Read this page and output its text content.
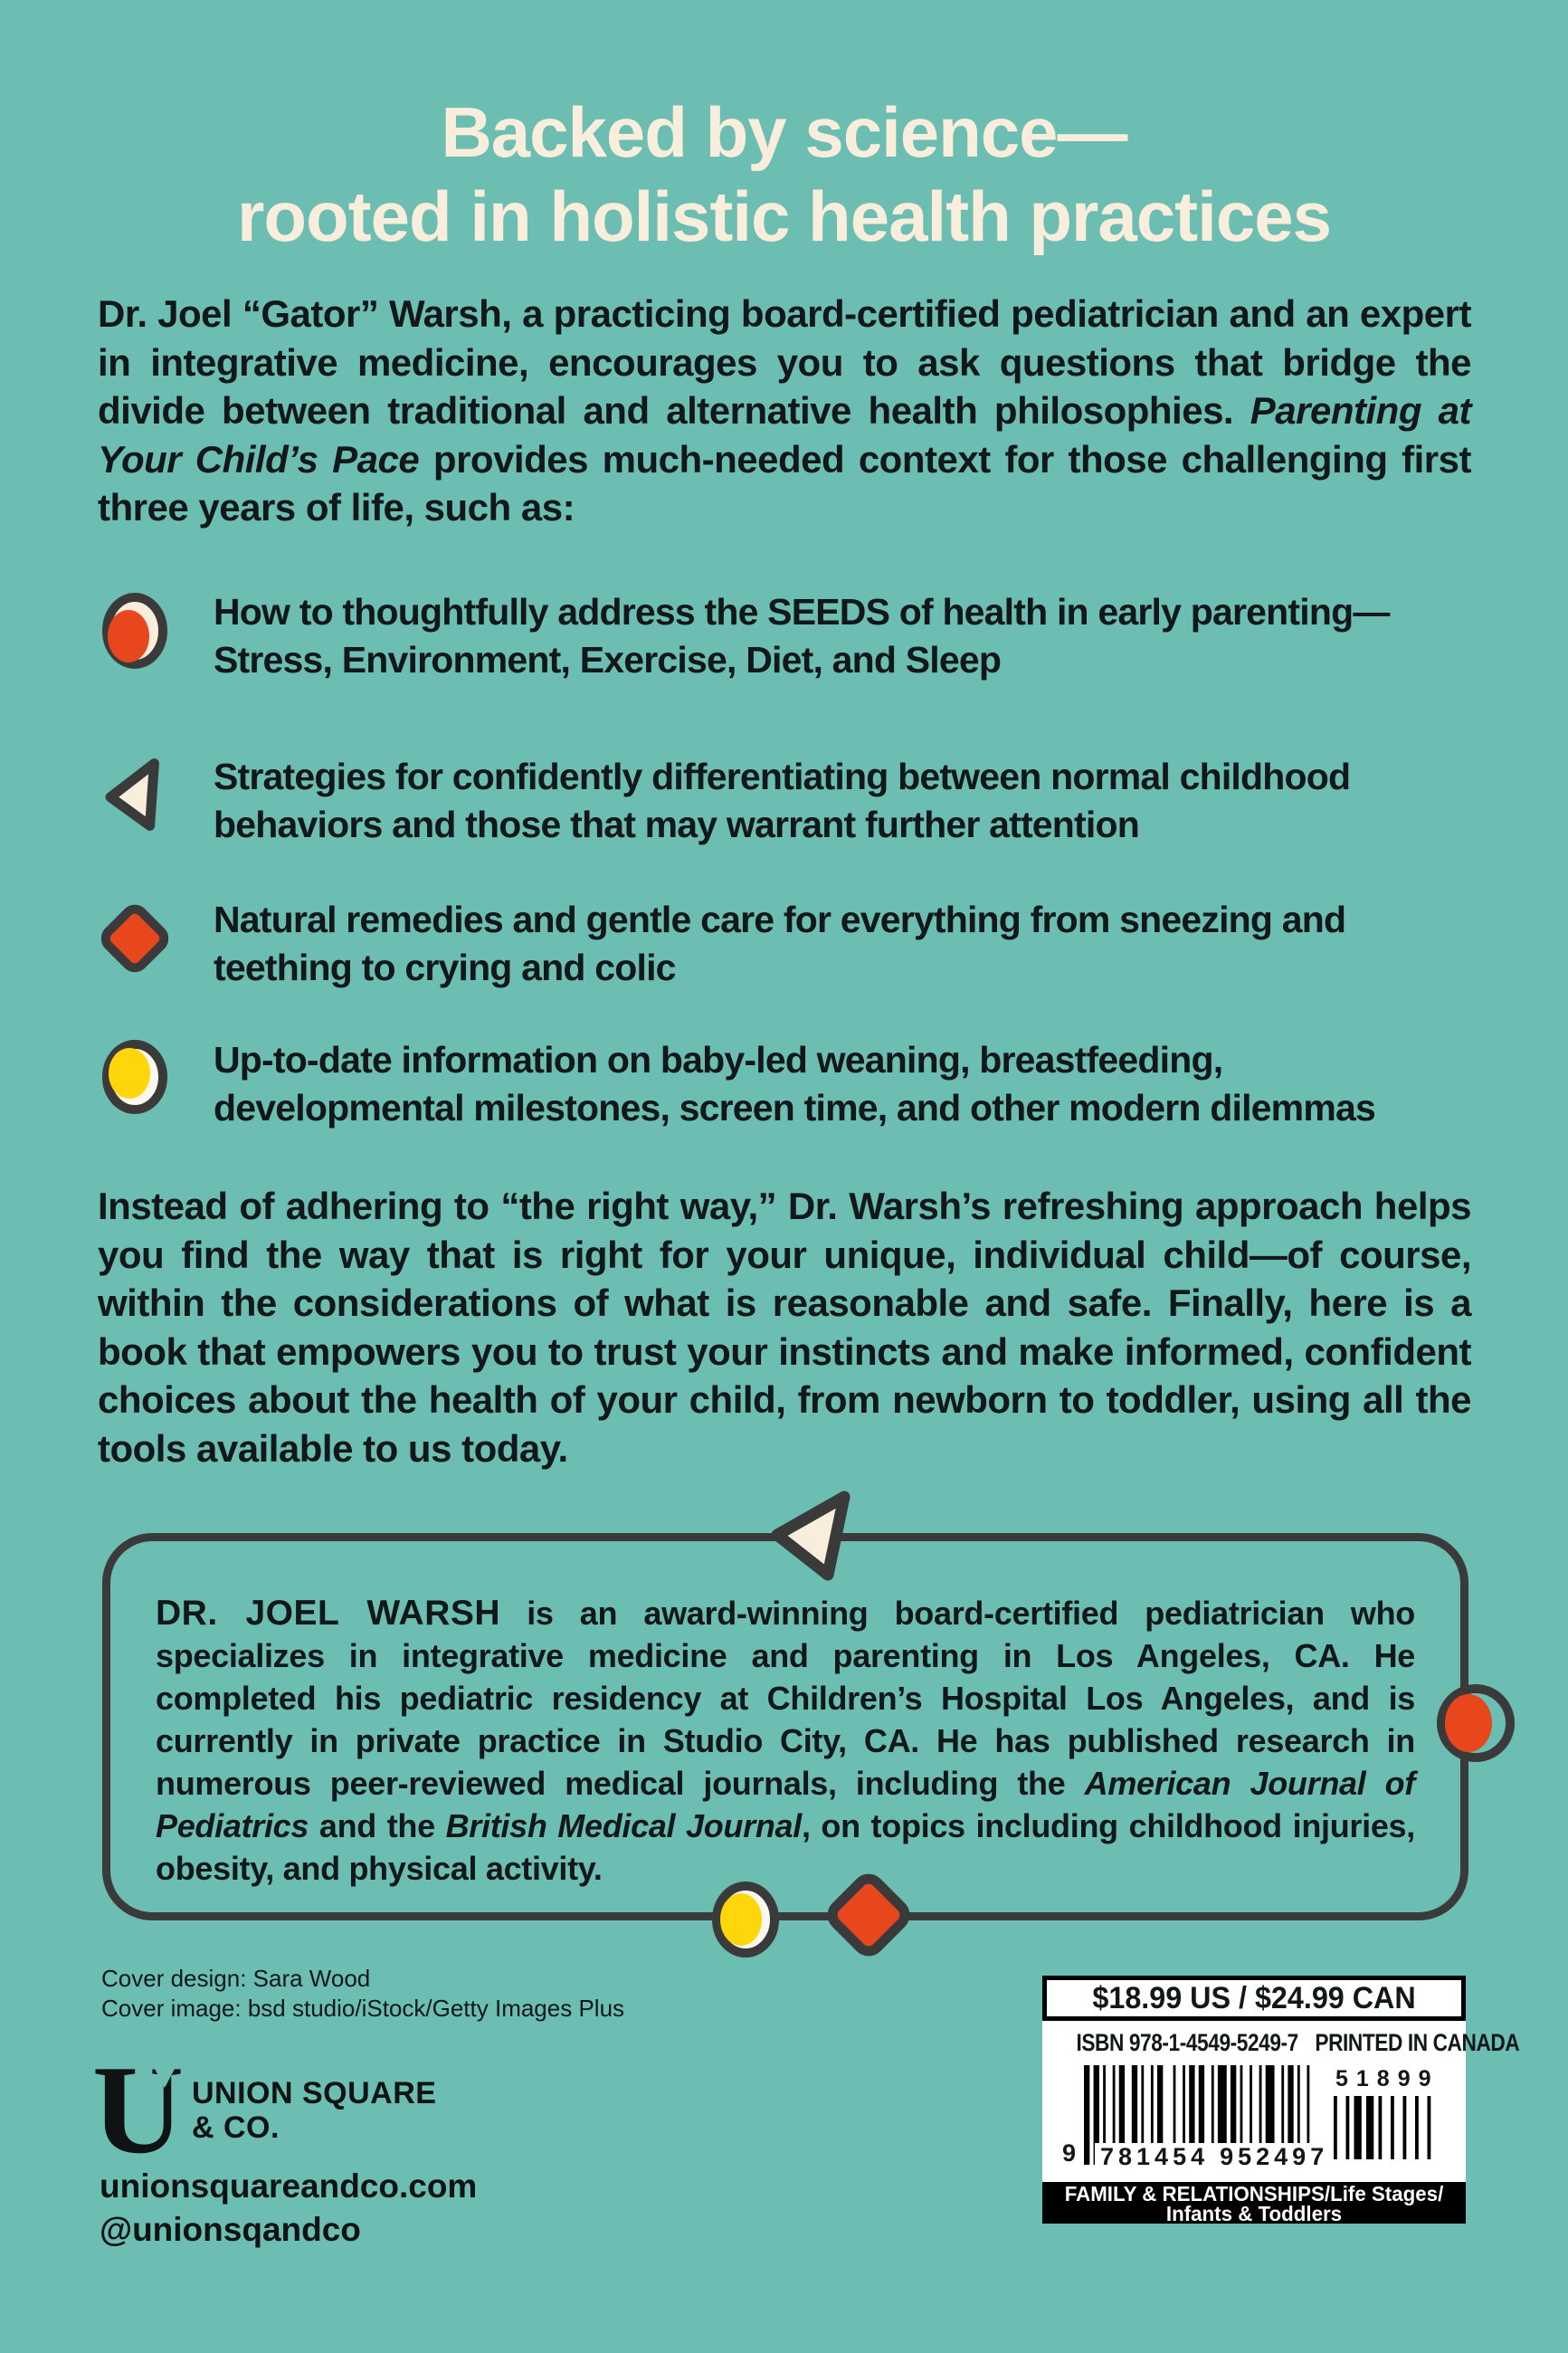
Backed by science—
rooted in holistic health practices

Dr. Joel “Gator” Warsh, a practicing board-certified pediatrician and an expert in integrative medicine, encourages you to ask questions that bridge the divide between traditional and alternative health philosophies. Parenting at Your Child’s Pace provides much-needed context for those challenging first three years of life, such as:

How to thoughtfully address the SEEDS of health in early parenting—Stress, Environment, Exercise, Diet, and Sleep

Strategies for confidently differentiating between normal childhood behaviors and those that may warrant further attention

Natural remedies and gentle care for everything from sneezing and teething to crying and colic

Up-to-date information on baby-led weaning, breastfeeding, developmental milestones, screen time, and other modern dilemmas

Instead of adhering to “the right way,” Dr. Warsh’s refreshing approach helps you find the way that is right for your unique, individual child—of course, within the considerations of what is reasonable and safe. Finally, here is a book that empowers you to trust your instincts and make informed, confident choices about the health of your child, from newborn to toddler, using all the tools available to us today.

DR. JOEL WARSH is an award-winning board-certified pediatrician who specializes in integrative medicine and parenting in Los Angeles, CA. He completed his pediatric residency at Children’s Hospital Los Angeles, and is currently in private practice in Studio City, CA. He has published research in numerous peer-reviewed medical journals, including the American Journal of Pediatrics and the British Medical Journal, on topics including childhood injuries, obesity, and physical activity.

Cover design: Sara Wood
Cover image: bsd studio/iStock/Getty Images Plus
U UNION SQUARE
& CO.
unionsquareandco.com
@unionsqandco
$18.99 US / $24.99 CAN
ISBN 978-1-4549-5249-7 PRINTED IN CANADA
9 781454 952497
51899
FAMILY & RELATIONSHIPS/Life Stages/
Infants & Toddlers
